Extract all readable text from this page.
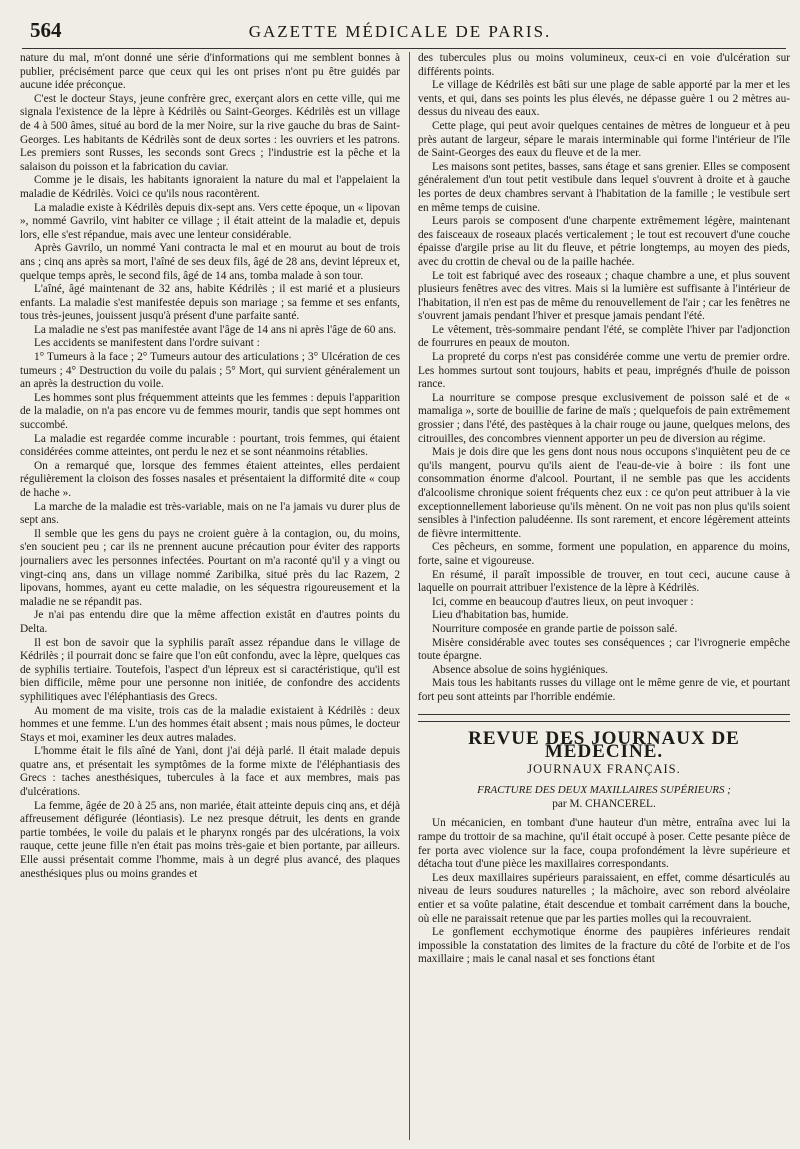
564	GAZETTE MÉDICALE DE PARIS.

nature du mal, m'ont donné une série d'informations qui me semblent bonnes à publier, précisément parce que ceux qui les ont prises n'ont pu être guidés par aucune idée préconçue.

C'est le docteur Stays, jeune confrère grec, exerçant alors en cette ville, qui me signala l'existence de la lèpre à Kédrilès ou Saint-Georges. Kédrilès est un village de 4 à 500 âmes, situé au bord de la mer Noire, sur la rive gauche du bras de Saint-Georges. Les habitants de Kédrilès sont de deux sortes : les ouvriers et les patrons. Les premiers sont Russes, les seconds sont Grecs ; l'industrie est la pêche et la salaison du poisson et la fabrication du caviar.

Comme je le disais, les habitants ignoraient la nature du mal et l'appelaient la maladie de Kédrilès. Voici ce qu'ils nous racontèrent.

La maladie existe à Kédrilès depuis dix-sept ans. Vers cette époque, un « lipovan », nommé Gavrilo, vint habiter ce village ; il était atteint de la maladie et, depuis lors, elle s'est répandue, mais avec une lenteur considérable.

Après Gavrilo, un nommé Yani contracta le mal et en mourut au bout de trois ans ; cinq ans après sa mort, l'aîné de ses deux fils, âgé de 28 ans, devint lépreux et, quelque temps après, le second fils, âgé de 14 ans, tomba malade à son tour.

L'aîné, âgé maintenant de 32 ans, habite Kédrilès ; il est marié et a plusieurs enfants. La maladie s'est manifestée depuis son mariage ; sa femme et ses enfants, tous très-jeunes, jouissent jusqu'à présent d'une parfaite santé.

La maladie ne s'est pas manifestée avant l'âge de 14 ans ni après l'âge de 60 ans.

Les accidents se manifestent dans l'ordre suivant :

1° Tumeurs à la face ; 2° Tumeurs autour des articulations ; 3° Ulcération de ces tumeurs ; 4° Destruction du voile du palais ; 5° Mort, qui survient généralement un an après la destruction du voile.

Les hommes sont plus fréquemment atteints que les femmes : depuis l'apparition de la maladie, on n'a pas encore vu de femmes mourir, tandis que sept hommes ont succombé.

La maladie est regardée comme incurable : pourtant, trois femmes, qui étaient considérées comme atteintes, ont perdu le nez et se sont néanmoins rétablies.

On a remarqué que, lorsque des femmes étaient atteintes, elles perdaient régulièrement la cloison des fosses nasales et présentaient la difformité dite « coup de hache ».

La marche de la maladie est très-variable, mais on ne l'a jamais vu durer plus de sept ans.

Il semble que les gens du pays ne croient guère à la contagion, ou, du moins, s'en soucient peu ; car ils ne prennent aucune précaution pour éviter des rapports journaliers avec les personnes infectées. Pourtant on m'a raconté qu'il y a vingt ou vingt-cinq ans, dans un village nommé Zaribilka, situé près du lac Razem, 2 lipovans, hommes, ayant eu cette maladie, on les séquestra rigoureusement et la maladie ne se répandit pas.

Je n'ai pas entendu dire que la même affection existât en d'autres points du Delta.

Il est bon de savoir que la syphilis paraît assez répandue dans le village de Kédrilès ; il pourrait donc se faire que l'on eût confondu, avec la lèpre, quelques cas de syphilis tertiaire. Toutefois, l'aspect d'un lépreux est si caractéristique, qu'il est bien difficile, même pour une personne non initiée, de confondre des accidents syphilitiques avec l'éléphantiasis des Grecs.

Au moment de ma visite, trois cas de la maladie existaient à Kédrilès : deux hommes et une femme. L'un des hommes était absent ; mais nous pûmes, le docteur Stays et moi, examiner les deux autres malades.

L'homme était le fils aîné de Yani, dont j'ai déjà parlé. Il était malade depuis quatre ans, et présentait les symptômes de la forme mixte de l'éléphantiasis des Grecs : taches anesthésiques, tubercules à la face et aux membres, mais pas d'ulcérations.

La femme, âgée de 20 à 25 ans, non mariée, était atteinte depuis cinq ans, et déjà affreusement défigurée (léontiasis). Le nez presque détruit, les dents en grande partie tombées, le voile du palais et le pharynx rongés par des ulcérations, la voix rauque, cette jeune fille n'en était pas moins très-gaie et bien portante, par ailleurs. Elle aussi présentait comme l'homme, mais à un degré plus avancé, des plaques anesthésiques plus ou moins grandes et

des tubercules plus ou moins volumineux, ceux-ci en voie d'ulcération sur différents points.

Le village de Kédrilès est bâti sur une plage de sable apporté par la mer et les vents, et qui, dans ses points les plus élevés, ne dépasse guère 1 ou 2 mètres au-dessus du niveau des eaux.

Cette plage, qui peut avoir quelques centaines de mètres de longueur et à peu près autant de largeur, sépare le marais interminable qui forme l'intérieur de l'île de Saint-Georges des eaux du fleuve et de la mer.

Les maisons sont petites, basses, sans étage et sans grenier. Elles se composent généralement d'un tout petit vestibule dans lequel s'ouvrent à droite et à gauche les portes de deux chambres servant à l'habitation de la famille ; le vestibule sert en même temps de cuisine.

Leurs parois se composent d'une charpente extrêmement légère, maintenant des faisceaux de roseaux placés verticalement ; le tout est recouvert d'une couche épaisse d'argile prise au lit du fleuve, et pétrie longtemps, au moyen des pieds, avec du crottin de cheval ou de la paille hachée.

Le toit est fabriqué avec des roseaux ; chaque chambre a une, et plus souvent plusieurs fenêtres avec des vitres. Mais si la lumière est suffisante à l'intérieur de l'habitation, il n'en est pas de même du renouvellement de l'air ; car les fenêtres ne s'ouvrent jamais pendant l'hiver et presque jamais pendant l'été.

Le vêtement, très-sommaire pendant l'été, se complète l'hiver par l'adjonction de fourrures en peaux de mouton.

La propreté du corps n'est pas considérée comme une vertu de premier ordre. Les hommes surtout sont toujours, habits et peau, imprégnés d'huile de poisson rance.

La nourriture se compose presque exclusivement de poisson salé et de « mamaliga », sorte de bouillie de farine de maïs ; quelquefois de pain extrêmement grossier ; dans l'été, des pastèques à la chair rouge ou jaune, quelques melons, des citrouilles, des concombres viennent apporter un peu de diversion au régime.

Mais je dois dire que les gens dont nous nous occupons s'inquiètent peu de ce qu'ils mangent, pourvu qu'ils aient de l'eau-de-vie à boire : ils font une consommation énorme d'alcool. Pourtant, il ne semble pas que les accidents d'alcoolisme chronique soient fréquents chez eux : ce qu'on peut attribuer à la vie exceptionnellement laborieuse qu'ils mènent. On ne voit pas non plus qu'ils soient sensibles à l'infection paludéenne. Ils sont rarement, et encore légèrement atteints de fièvre intermittente.

Ces pêcheurs, en somme, forment une population, en apparence du moins, forte, saine et vigoureuse.

En résumé, il paraît impossible de trouver, en tout ceci, aucune cause à laquelle on pourrait attribuer l'existence de la lèpre à Kédrilès.

Ici, comme en beaucoup d'autres lieux, on peut invoquer :

Lieu d'habitation bas, humide.

Nourriture composée en grande partie de poisson salé.

Misère considérable avec toutes ses conséquences ; car l'ivrognerie empêche toute épargne.

Absence absolue de soins hygiéniques.

Mais tous les habitants russes du village ont le même genre de vie, et pourtant fort peu sont atteints par l'horrible endémie.

REVUE DES JOURNAUX DE MÉDECINE.
JOURNAUX FRANÇAIS.
FRACTURE DES DEUX MAXILLAIRES SUPÉRIEURS ;
par M. CHANCEREL.

Un mécanicien, en tombant d'une hauteur d'un mètre, entraîna avec lui la rampe du trottoir de sa machine, qu'il était occupé à poser. Cette pesante pièce de fer porta avec violence sur la face, coupa profondément la lèvre supérieure et détacha tout d'une pièce les maxillaires correspondants.

Les deux maxillaires supérieurs paraissaient, en effet, comme désarticulés au niveau de leurs soudures naturelles ; la mâchoire, avec son rebord alvéolaire entier et sa voûte palatine, était descendue et tombait carrément dans la bouche, où elle ne paraissait retenue que par les parties molles qui la recouvraient.

Le gonflement ecchymotique énorme des paupières inférieures rendait impossible la constatation des limites de la fracture du côté de l'orbite et de l'os maxillaire ; mais le canal nasal et ses fonctions étant
